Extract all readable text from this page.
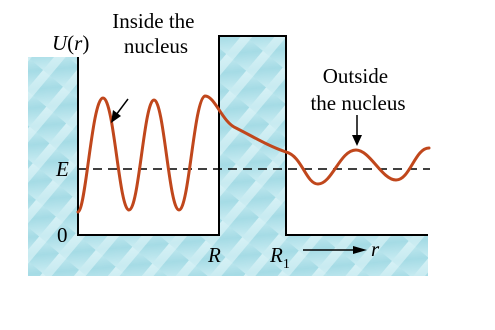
U(r)
E
0
R $R_1$
r
Inside the nucleus
Outside the nucleus
